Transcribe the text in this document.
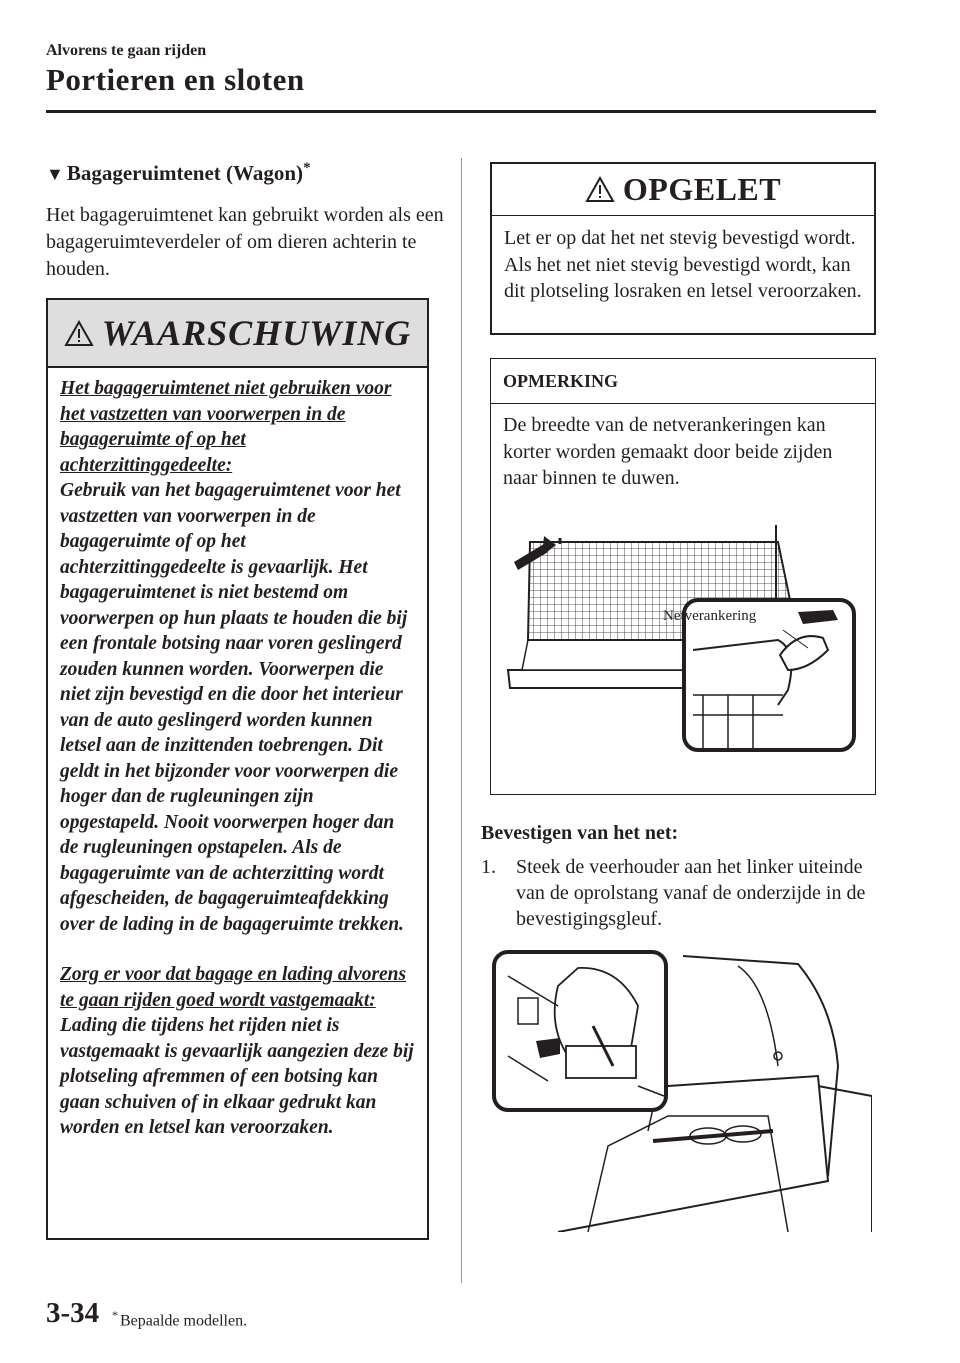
Alvorens te gaan rijden
Portieren en sloten
▼ Bagageruimtenet (Wagon)*
Het bagageruimtenet kan gebruikt worden als een bagageruimteverdeler of om dieren achterin te houden.
WAARSCHUWING

Het bagageruimtenet niet gebruiken voor het vastzetten van voorwerpen in de bagageruimte of op het achterzittinggedeelte:

Gebruik van het bagageruimtenet voor het vastzetten van voorwerpen in de bagageruimte of op het achterzittinggedeelte is gevaarlijk. Het bagageruimtenet is niet bestemd om voorwerpen op hun plaats te houden die bij een frontale botsing naar voren geslingerd zouden kunnen worden. Voorwerpen die niet zijn bevestigd en die door het interieur van de auto geslingerd worden kunnen letsel aan de inzittenden toebrengen. Dit geldt in het bijzonder voor voorwerpen die hoger dan de rugleuningen zijn opgestapeld. Nooit voorwerpen hoger dan de rugleuningen opstapelen. Als de bagageruimte van de achterzitting wordt afgescheiden, de bagageruimteafdekking over de lading in de bagageruimte trekken.

Zorg er voor dat bagage en lading alvorens te gaan rijden goed wordt vastgemaakt:

Lading die tijdens het rijden niet is vastgemaakt is gevaarlijk aangezien deze bij plotseling afremmen of een botsing kan gaan schuiven of in elkaar gedrukt kan worden en letsel kan veroorzaken.

OPGELET
Let er op dat het net stevig bevestigd wordt. Als het net niet stevig bevestigd wordt, kan dit plotseling losraken en letsel veroorzaken.
OPMERKING
De breedte van de netverankeringen kan korter worden gemaakt door beide zijden naar binnen te duwen.
Netverankering
Bevestigen van het net:
1.	Steek de veerhouder aan het linker uiteinde van de oprolstang vanaf de onderzijde in de bevestigingsgleuf.
3-34 * Bepaalde modellen.
